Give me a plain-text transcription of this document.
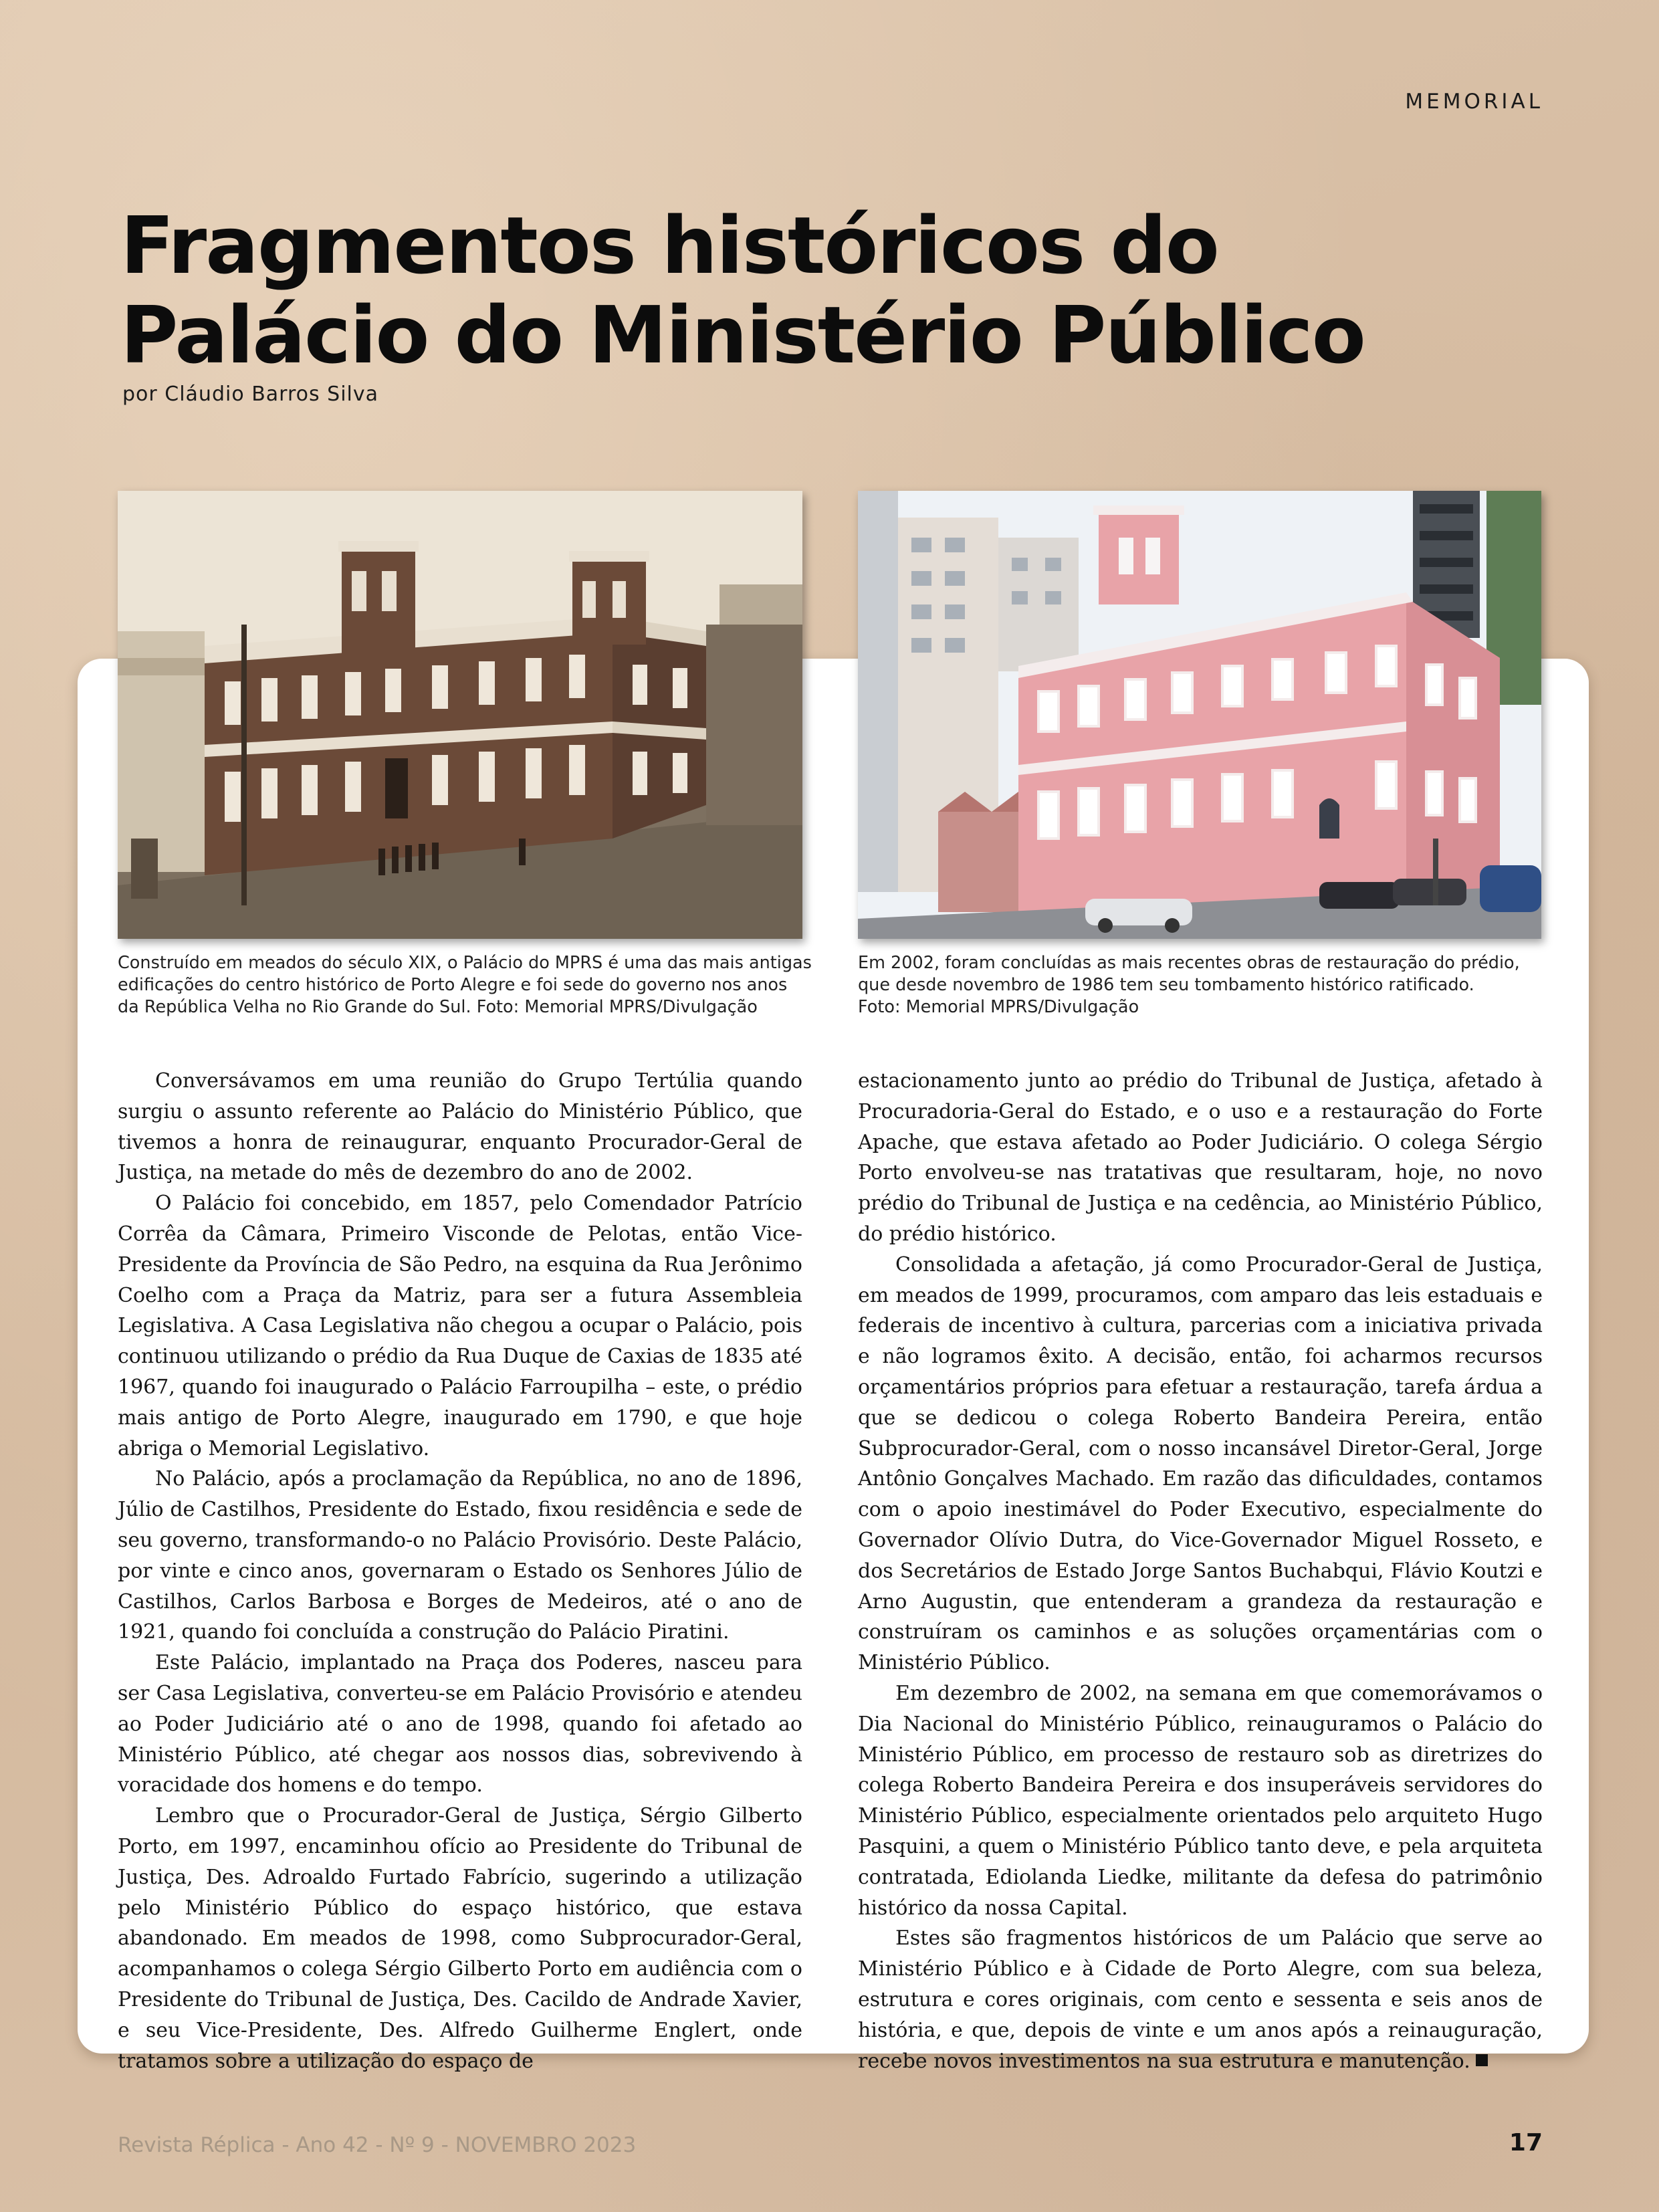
MEMORIAL
Fragmentos históricos do
Palácio do Ministério Público
por Cláudio Barros Silva
Construído em meados do século XIX, o Palácio do MPRS é uma das mais antigas edificações do centro histórico de Porto Alegre e foi sede do governo nos anos da República Velha no Rio Grande do Sul. Foto: Memorial MPRS/Divulgação
Em 2002, foram concluídas as mais recentes obras de restauração do prédio,
que desde novembro de 1986 tem seu tombamento histórico ratificado.
Foto: Memorial MPRS/Divulgação

Conversávamos em uma reunião do Grupo Tertúlia quando surgiu o assunto referente ao Palácio do Ministério Público, que tivemos a honra de reinaugurar, enquanto Procurador-Geral de Justiça, na metade do mês de dezembro do ano de 2002.

O Palácio foi concebido, em 1857, pelo Comendador Patrício Corrêa da Câmara, Primeiro Visconde de Pelotas, então Vice-Presidente da Província de São Pedro, na esquina da Rua Jerônimo Coelho com a Praça da Matriz, para ser a futura Assembleia Legislativa. A Casa Legislativa não chegou a ocupar o Palácio, pois continuou utilizando o prédio da Rua Duque de Caxias de 1835 até 1967, quando foi inaugurado o Palácio Farroupilha – este, o prédio mais antigo de Porto Alegre, inaugurado em 1790, e que hoje abriga o Memorial Legislativo.

No Palácio, após a proclamação da República, no ano de 1896, Júlio de Castilhos, Presidente do Estado, fixou residência e sede de seu governo, transformando-o no Palácio Provisório. Deste Palácio, por vinte e cinco anos, governaram o Estado os Senhores Júlio de Castilhos, Carlos Barbosa e Borges de Medeiros, até o ano de 1921, quando foi concluída a construção do Palácio Piratini.

Este Palácio, implantado na Praça dos Poderes, nasceu para ser Casa Legislativa, converteu-se em Palácio Provisório e atendeu ao Poder Judiciário até o ano de 1998, quando foi afetado ao Ministério Público, até chegar aos nossos dias, sobrevivendo à voracidade dos homens e do tempo.

Lembro que o Procurador-Geral de Justiça, Sérgio Gilberto Porto, em 1997, encaminhou ofício ao Presidente do Tribunal de Justiça, Des. Adroaldo Furtado Fabrício, sugerindo a utilização pelo Ministério Público do espaço histórico, que estava abandonado. Em meados de 1998, como Subprocurador-Geral, acompanhamos o colega Sérgio Gilberto Porto em audiência com o Presidente do Tribunal de Justiça, Des. Cacildo de Andrade Xavier, e seu Vice-Presidente, Des. Alfredo Guilherme Englert, onde tratamos sobre a utilização do espaço de

estacionamento junto ao prédio do Tribunal de Justiça, afetado à Procuradoria-Geral do Estado, e o uso e a restauração do Forte Apache, que estava afetado ao Poder Judiciário. O colega Sérgio Porto envolveu-se nas tratativas que resultaram, hoje, no novo prédio do Tribunal de Justiça e na cedência, ao Ministério Público, do prédio histórico.

Consolidada a afetação, já como Procurador-Geral de Justiça, em meados de 1999, procuramos, com amparo das leis estaduais e federais de incentivo à cultura, parcerias com a iniciativa privada e não logramos êxito. A decisão, então, foi acharmos recursos orçamentários próprios para efetuar a restauração, tarefa árdua a que se dedicou o colega Roberto Bandeira Pereira, então Subprocurador-Geral, com o nosso incansável Diretor-Geral, Jorge Antônio Gonçalves Machado. Em razão das dificuldades, contamos com o apoio inestimável do Poder Executivo, especialmente do Governador Olívio Dutra, do Vice-Governador Miguel Rosseto, e dos Secretários de Estado Jorge Santos Buchabqui, Flávio Koutzi e Arno Augustin, que entenderam a grandeza da restauração e construíram os caminhos e as soluções orçamentárias com o Ministério Público.

Em dezembro de 2002, na semana em que comemorávamos o Dia Nacional do Ministério Público, reinauguramos o Palácio do Ministério Público, em processo de restauro sob as diretrizes do colega Roberto Bandeira Pereira e dos insuperáveis servidores do Ministério Público, especialmente orientados pelo arquiteto Hugo Pasquini, a quem o Ministério Público tanto deve, e pela arquiteta contratada, Ediolanda Liedke, militante da defesa do patrimônio histórico da nossa Capital.

Estes são fragmentos históricos de um Palácio que serve ao Ministério Público e à Cidade de Porto Alegre, com sua beleza, estrutura e cores originais, com cento e sessenta e seis anos de história, e que, depois de vinte e um anos após a reinauguração, recebe novos investimentos na sua estrutura e manutenção.

Revista Réplica - Ano 42 - Nº 9 - NOVEMBRO 2023	17
